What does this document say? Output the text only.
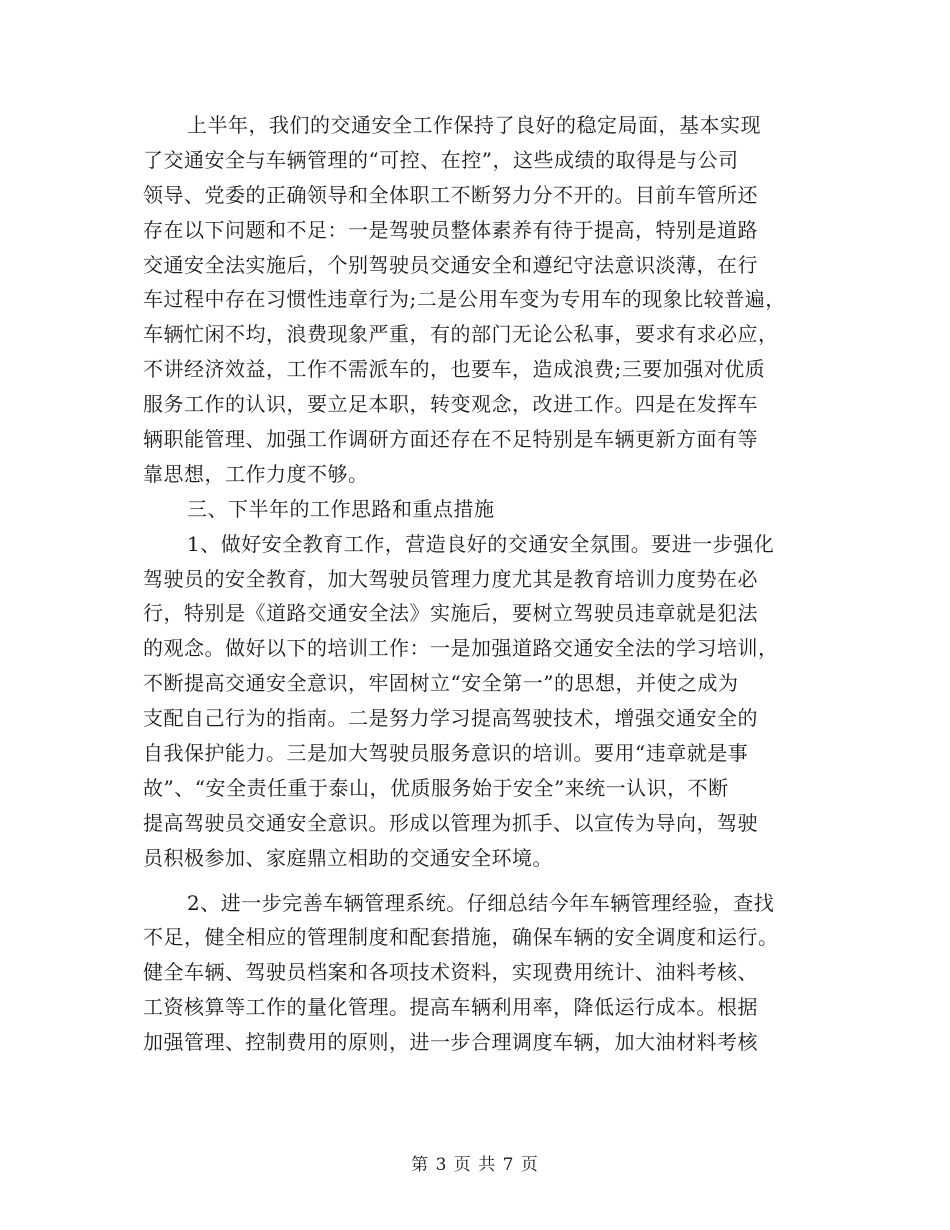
上半年，我们的交通安全工作保持了良好的稳定局面，基本实现
了交通安全与车辆管理的“可控、在控”，这些成绩的取得是与公司
领导、党委的正确领导和全体职工不断努力分不开的。目前车管所还
存在以下问题和不足：一是驾驶员整体素养有待于提高，特别是道路
交通安全法实施后，个别驾驶员交通安全和遵纪守法意识淡薄，在行
车过程中存在习惯性违章行为;二是公用车变为专用车的现象比较普遍，
车辆忙闲不均，浪费现象严重，有的部门无论公私事，要求有求必应，
不讲经济效益，工作不需派车的，也要车，造成浪费;三要加强对优质
服务工作的认识，要立足本职，转变观念，改进工作。四是在发挥车
辆职能管理、加强工作调研方面还存在不足特别是车辆更新方面有等
靠思想，工作力度不够。
三、下半年的工作思路和重点措施
1、做好安全教育工作，营造良好的交通安全氛围。要进一步强化
驾驶员的安全教育，加大驾驶员管理力度尤其是教育培训力度势在必
行，特别是《道路交通安全法》实施后，要树立驾驶员违章就是犯法
的观念。做好以下的培训工作：一是加强道路交通安全法的学习培训，
不断提高交通安全意识，牢固树立“安全第一”的思想，并使之成为
支配自己行为的指南。二是努力学习提高驾驶技术，增强交通安全的
自我保护能力。三是加大驾驶员服务意识的培训。要用“违章就是事
故”、“安全责任重于泰山，优质服务始于安全”来统一认识，不断
提高驾驶员交通安全意识。形成以管理为抓手、以宣传为导向，驾驶
员积极参加、家庭鼎立相助的交通安全环境。
2、进一步完善车辆管理系统。仔细总结今年车辆管理经验，查找
不足，健全相应的管理制度和配套措施，确保车辆的安全调度和运行。
健全车辆、驾驶员档案和各项技术资料，实现费用统计、油料考核、
工资核算等工作的量化管理。提高车辆利用率，降低运行成本。根据
加强管理、控制费用的原则，进一步合理调度车辆，加大油材料考核
第 3 页 共 7 页
